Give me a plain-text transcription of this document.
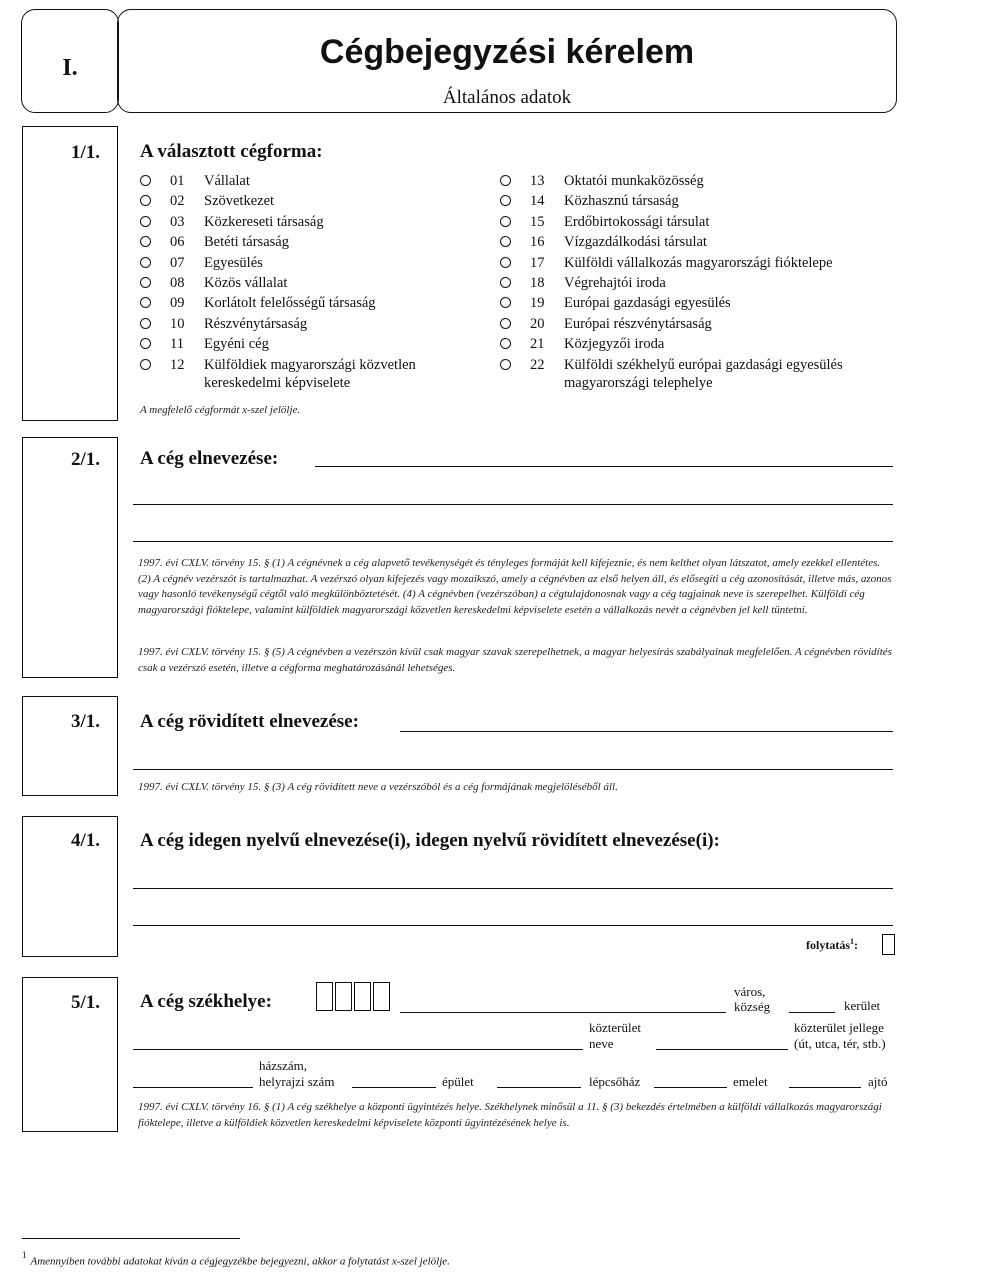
I.	Cégbejegyzési kérelem
Általános adatok
1/1. A választott cégforma:
01 Vállalat
02 Szövetkezet
03 Közkereseti társaság
06 Betéti társaság
07 Egyesülés
08 Közös vállalat
09 Korlátolt felelősségű társaság
10 Részvénytársaság
11 Egyéni cég
12 Külföldiek magyarországi közvetlen
kereskedelmi képviselete
13 Oktatói munkaközösség
14 Közhasznú társaság
15 Erdőbirtokossági társulat
16 Vízgazdálkodási társulat
17 Külföldi vállalkozás magyarországi fióktelepe
18 Végrehajtói iroda
19 Európai gazdasági egyesülés
20 Európai részvénytársaság
21 Közjegyzői iroda
22 Külföldi székhelyű európai gazdasági egyesülés
magyarországi telephelye
A megfelelő cégformát x-szel jelölje.
2/1. A cég elnevezése:
1997. évi CXLV. törvény 15. § (1) A cégnévnek a cég alapvető tevékenységét és tényleges formáját kell kifejeznie, és nem kelthet olyan látszatot, amely ezekkel ellentétes. (2) A cégnév vezérszót is tartalmazhat. A vezérszó olyan kifejezés vagy mozaikszó, amely a cégnévben az első helyen áll, és elősegíti a cég azonosítását, illetve más, azonos vagy hasonló tevékenységű cégtől való megkülönböztetését. (4) A cégnévben (vezérszóban) a cégtulajdonosnak vagy a cég tagjainak neve is szerepelhet. Külföldi cég magyarországi fióktelepe, valamint külföldiek magyarországi közvetlen kereskedelmi képviselete esetén a vállalkozás nevét a cégnévben jel kell tüntetni.
1997. évi CXLV. törvény 15. § (5) A cégnévben a vezérszón kívül csak magyar szavak szerepelhetnek, a magyar helyesírás szabályainak megfelelően. A cégnévben rövidítés csak a vezérszó esetén, illetve a cégforma meghatározásánál lehetséges.
3/1. A cég rövidített elnevezése:
1997. évi CXLV. törvény 15. § (3) A cég rövidített neve a vezérszóból és a cég formájának megjelöléséből áll.
4/1. A cég idegen nyelvű elnevezése(i), idegen nyelvű rövidített elnevezése(i):
folytatás$^1$:
5/1. A cég székhelye:	város,
község	kerület
közterület
neve
közterület jellege
(út, utca, tér, stb.)
házszám,
helyrajzi szám	épület	lépcsőház	emelet	ajtó
1997. évi CXLV. törvény 16. § (1) A cég székhelye a központi ügyintézés helye. Székhelynek minősül a 11. § (3) bekezdés értelmében a külföldi vállalkozás magyarországi fióktelepe, illetve a külföldiek közvetlen kereskedelmi képviselete központi ügyintézésének helye is.
$^1$ Amennyiben további adatokat kíván a cégjegyzékbe bejegyezni, akkor a folytatást x-szel jelölje.
